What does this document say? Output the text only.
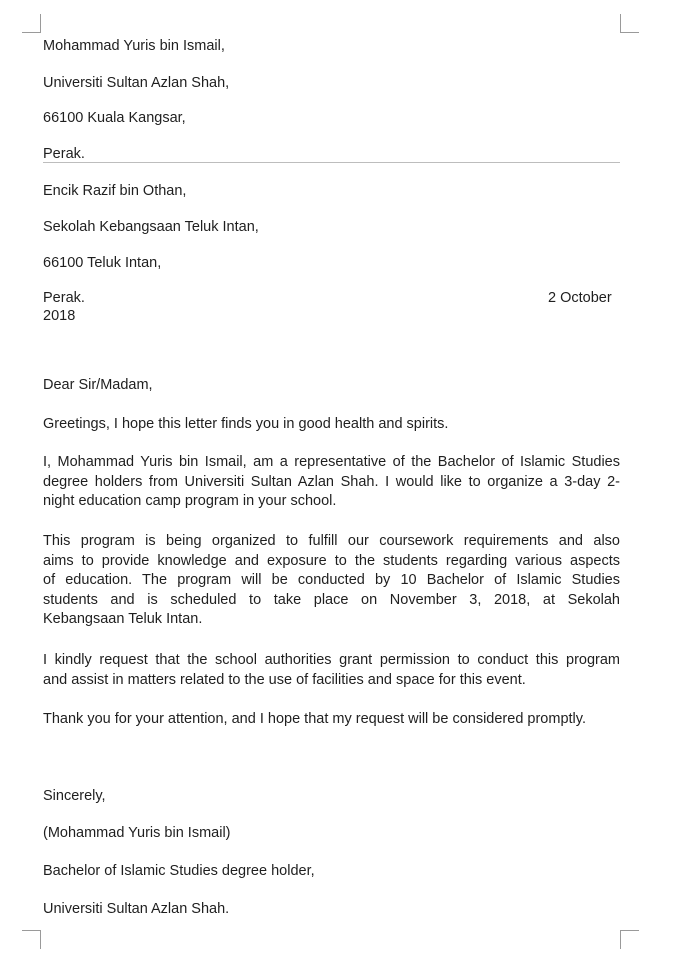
Mohammad Yuris bin Ismail,
Universiti Sultan Azlan Shah,
66100 Kuala Kangsar,
Perak.
Encik Razif bin Othan,
Sekolah Kebangsaan Teluk Intan,
66100 Teluk Intan,
Perak.	2 October
2018
Dear Sir/Madam,
Greetings, I hope this letter finds you in good health and spirits.
I, Mohammad Yuris bin Ismail, am a representative of the Bachelor of Islamic Studies
degree holders from Universiti Sultan Azlan Shah. I would like to organize a 3-day 2-
night education camp program in your school.
This program is being organized to fulfill our coursework requirements and also
aims to provide knowledge and exposure to the students regarding various aspects
of education. The program will be conducted by 10 Bachelor of Islamic Studies
students and is scheduled to take place on November 3, 2018, at Sekolah
Kebangsaan Teluk Intan.
I kindly request that the school authorities grant permission to conduct this program
and assist in matters related to the use of facilities and space for this event.
Thank you for your attention, and I hope that my request will be considered promptly.
Sincerely,
(Mohammad Yuris bin Ismail)
Bachelor of Islamic Studies degree holder,
Universiti Sultan Azlan Shah.
